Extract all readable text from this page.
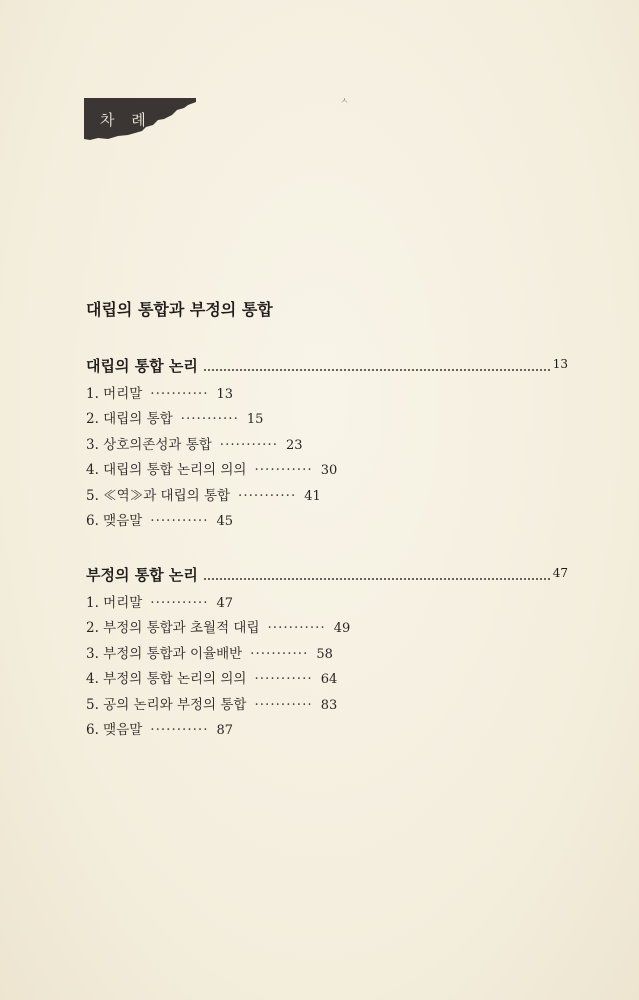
차 례
ㅅ
대립의 통합과 부정의 통합
대립의 통합 논리	13
1. 머리말 ··········· 13
2. 대립의 통합 ··········· 15
3. 상호의존성과 통합 ··········· 23
4. 대립의 통합 논리의 의의 ··········· 30
5. ≪역≫과 대립의 통합 ··········· 41
6. 맺음말 ··········· 45
부정의 통합 논리	47
1. 머리말 ··········· 47
2. 부정의 통합과 초월적 대립 ··········· 49
3. 부정의 통합과 이율배반 ··········· 58
4. 부정의 통합 논리의 의의 ··········· 64
5. 공의 논리와 부정의 통합 ··········· 83
6. 맺음말 ··········· 87
